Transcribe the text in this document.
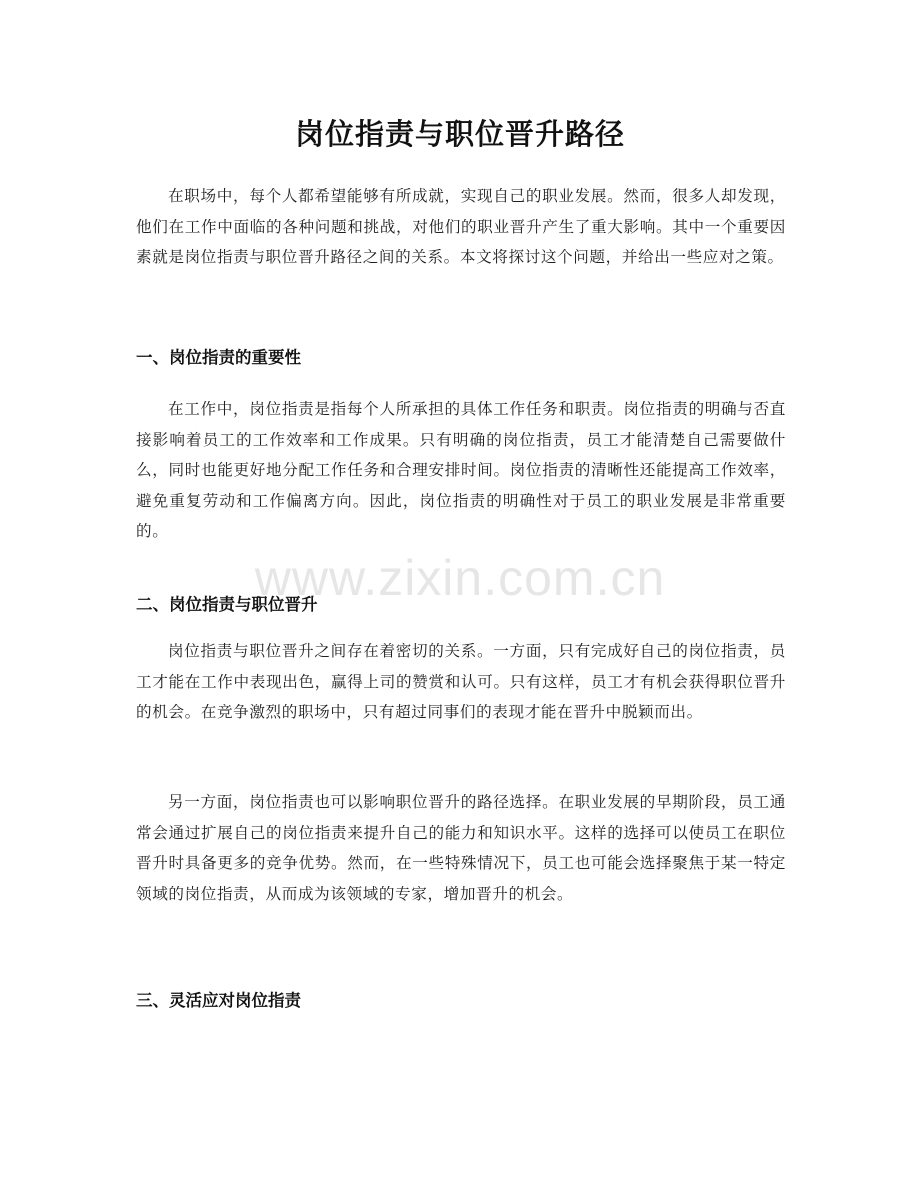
岗位指责与职位晋升路径

在职场中，每个人都希望能够有所成就，实现自己的职业发展。然而，很多人却发现，他们在工作中面临的各种问题和挑战，对他们的职业晋升产生了重大影响。其中一个重要因素就是岗位指责与职位晋升路径之间的关系。本文将探讨这个问题，并给出一些应对之策。

一、岗位指责的重要性

在工作中，岗位指责是指每个人所承担的具体工作任务和职责。岗位指责的明确与否直接影响着员工的工作效率和工作成果。只有明确的岗位指责，员工才能清楚自己需要做什么，同时也能更好地分配工作任务和合理安排时间。岗位指责的清晰性还能提高工作效率，避免重复劳动和工作偏离方向。因此，岗位指责的明确性对于员工的职业发展是非常重要的。

二、岗位指责与职位晋升

岗位指责与职位晋升之间存在着密切的关系。一方面，只有完成好自己的岗位指责，员工才能在工作中表现出色，赢得上司的赞赏和认可。只有这样，员工才有机会获得职位晋升的机会。在竞争激烈的职场中，只有超过同事们的表现才能在晋升中脱颖而出。

另一方面，岗位指责也可以影响职位晋升的路径选择。在职业发展的早期阶段，员工通常会通过扩展自己的岗位指责来提升自己的能力和知识水平。这样的选择可以使员工在职位晋升时具备更多的竞争优势。然而，在一些特殊情况下，员工也可能会选择聚焦于某一特定领域的岗位指责，从而成为该领域的专家，增加晋升的机会。

三、灵活应对岗位指责
www.zixin.com.cn
